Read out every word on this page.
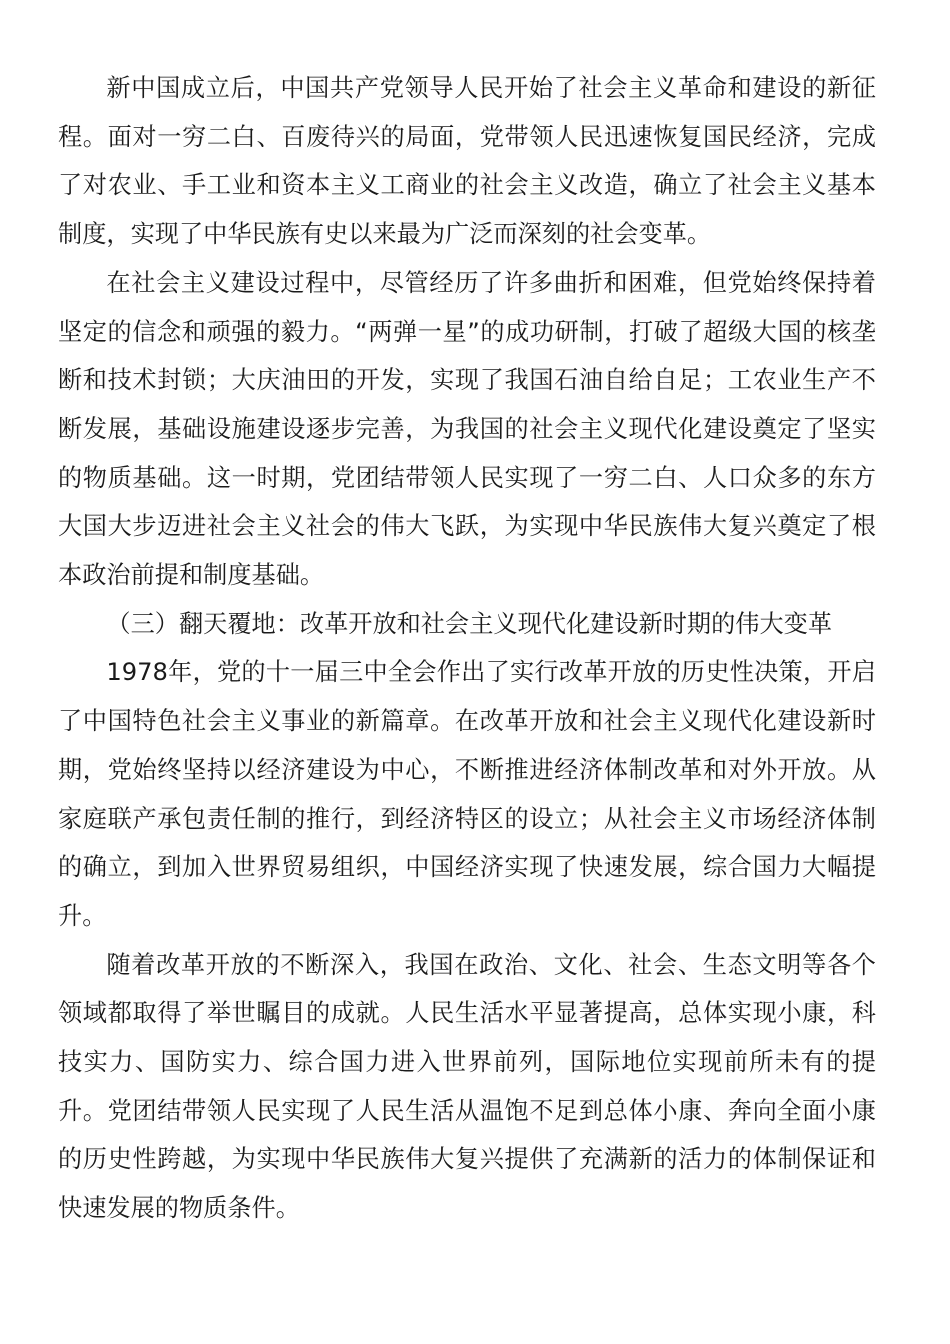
新中国成立后，中国共产党领导人民开始了社会主义革命和建设的新征程。面对一穷二白、百废待兴的局面，党带领人民迅速恢复国民经济，完成了对农业、手工业和资本主义工商业的社会主义改造，确立了社会主义基本制度，实现了中华民族有史以来最为广泛而深刻的社会变革。

在社会主义建设过程中，尽管经历了许多曲折和困难，但党始终保持着坚定的信念和顽强的毅力。“两弹一星”的成功研制，打破了超级大国的核垄断和技术封锁；大庆油田的开发，实现了我国石油自给自足；工农业生产不断发展，基础设施建设逐步完善，为我国的社会主义现代化建设奠定了坚实的物质基础。这一时期，党团结带领人民实现了一穷二白、人口众多的东方大国大步迈进社会主义社会的伟大飞跃，为实现中华民族伟大复兴奠定了根本政治前提和制度基础。

（三）翻天覆地：改革开放和社会主义现代化建设新时期的伟大变革

1978年，党的十一届三中全会作出了实行改革开放的历史性决策，开启了中国特色社会主义事业的新篇章。在改革开放和社会主义现代化建设新时期，党始终坚持以经济建设为中心，不断推进经济体制改革和对外开放。从家庭联产承包责任制的推行，到经济特区的设立；从社会主义市场经济体制的确立，到加入世界贸易组织，中国经济实现了快速发展，综合国力大幅提升。

随着改革开放的不断深入，我国在政治、文化、社会、生态文明等各个领域都取得了举世瞩目的成就。人民生活水平显著提高，总体实现小康，科技实力、国防实力、综合国力进入世界前列，国际地位实现前所未有的提升。党团结带领人民实现了人民生活从温饱不足到总体小康、奔向全面小康的历史性跨越，为实现中华民族伟大复兴提供了充满新的活力的体制保证和快速发展的物质条件。
